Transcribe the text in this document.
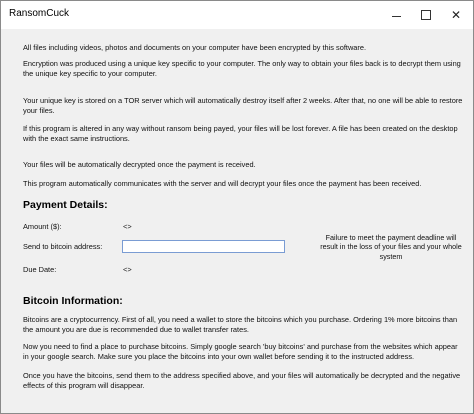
RansomCuck	✕
All files including videos, photos and documents on your computer have been encrypted by this software.
Encryption was produced using a unique key specific to your computer. The only way to obtain your files back is to decrypt them using the unique key specific to your computer.
Your unique key is stored on a TOR server which will automatically destroy itself after 2 weeks. After that, no one will be able to restore your files.
If this program is altered in any way without ransom being payed, your files will be lost forever. A file has been created on the desktop with the exact same instructions.
Your files will be automatically decrypted once the payment is received.
This program automatically communicates with the server and will decrypt your files once the payment has been received.
Payment Details:
Amount ($):	<>
Send to bitcoin address:
Due Date:	<>
Failure to meet the payment deadline will result in the loss of your files and your whole system
Bitcoin Information:
Bitcoins are a cryptocurrency. First of all, you need a wallet to store the bitcoins which you purchase. Ordering 1% more bitcoins than the amount you are due is recommended due to wallet transfer rates.
Now you need to find a place to purchase bitcoins. Simply google search 'buy bitcoins' and purchase from the websites which appear in your google search. Make sure you place the bitcoins into your own wallet before sending it to the instructed address.
Once you have the bitcoins, send them to the address specified above, and your files will automatically be decrypted and the negative effects of this program will disappear.
